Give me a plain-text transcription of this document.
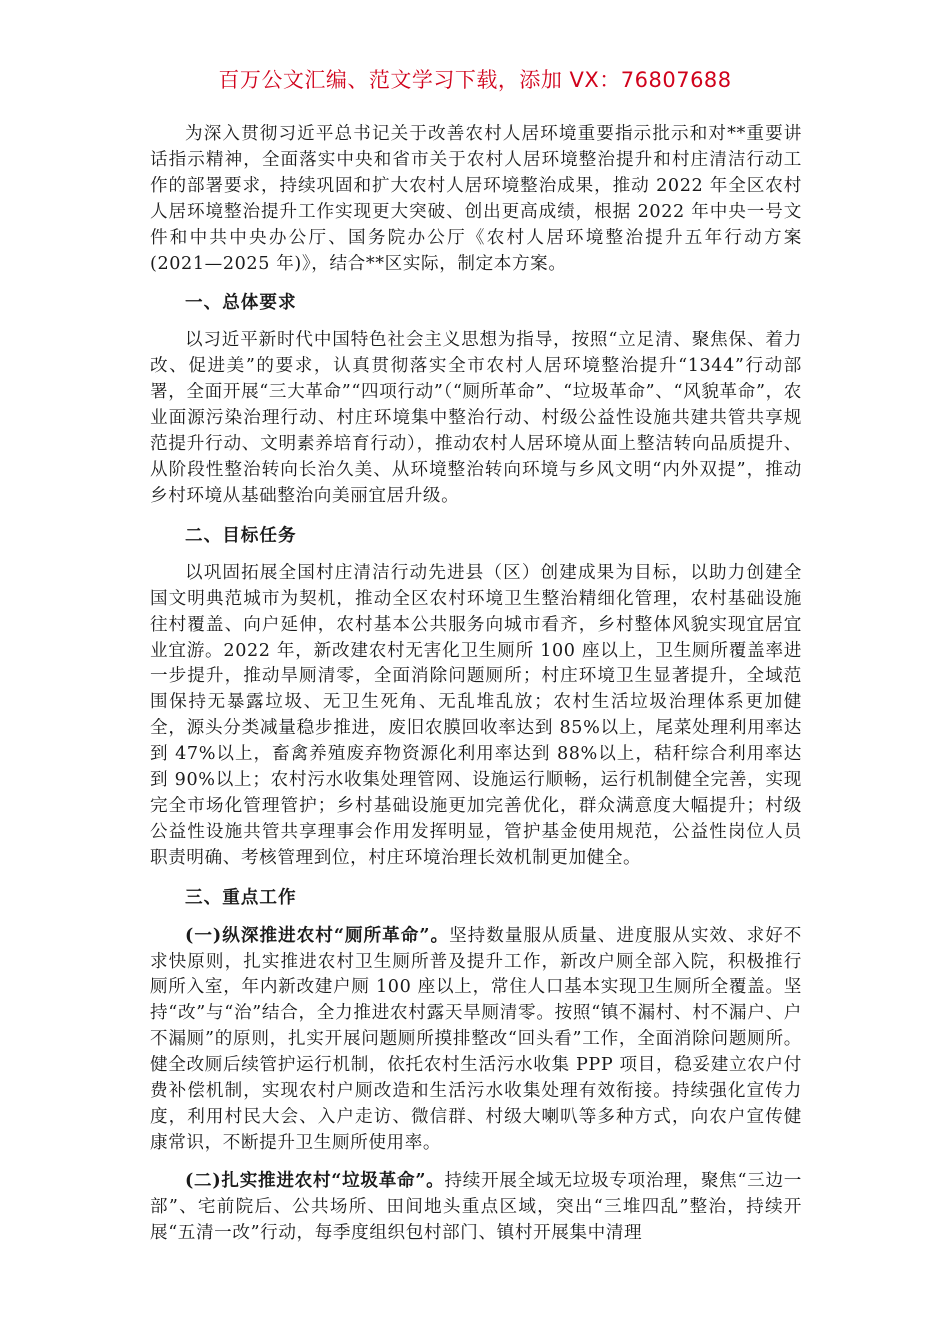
百万公文汇编、范文学习下载，添加 VX：76807688

为深入贯彻习近平总书记关于改善农村人居环境重要指示批示和对**重要讲话指示精神，全面落实中央和省市关于农村人居环境整治提升和村庄清洁行动工作的部署要求，持续巩固和扩大农村人居环境整治成果，推动 2022 年全区农村人居环境整治提升工作实现更大突破、创出更高成绩，根据 2022 年中央一号文件和中共中央办公厅、国务院办公厅《农村人居环境整治提升五年行动方案(2021—2025 年)》，结合**区实际，制定本方案。

一、总体要求

以习近平新时代中国特色社会主义思想为指导，按照“立足清、聚焦保、着力改、促进美”的要求，认真贯彻落实全市农村人居环境整治提升“1344”行动部署，全面开展“三大革命”“四项行动”（“厕所革命”、“垃圾革命”、“风貌革命”，农业面源污染治理行动、村庄环境集中整治行动、村级公益性设施共建共管共享规范提升行动、文明素养培育行动），推动农村人居环境从面上整洁转向品质提升、从阶段性整治转向长治久美、从环境整治转向环境与乡风文明“内外双提”，推动乡村环境从基础整治向美丽宜居升级。

二、目标任务

以巩固拓展全国村庄清洁行动先进县（区）创建成果为目标，以助力创建全国文明典范城市为契机，推动全区农村环境卫生整治精细化管理，农村基础设施往村覆盖、向户延伸，农村基本公共服务向城市看齐，乡村整体风貌实现宜居宜业宜游。2022 年，新改建农村无害化卫生厕所 100 座以上，卫生厕所覆盖率进一步提升，推动旱厕清零，全面消除问题厕所；村庄环境卫生显著提升，全域范围保持无暴露垃圾、无卫生死角、无乱堆乱放；农村生活垃圾治理体系更加健全，源头分类减量稳步推进，废旧农膜回收率达到 85%以上，尾菜处理利用率达到 47%以上，畜禽养殖废弃物资源化利用率达到 88%以上，秸秆综合利用率达到 90%以上；农村污水收集处理管网、设施运行顺畅，运行机制健全完善，实现完全市场化管理管护；乡村基础设施更加完善优化，群众满意度大幅提升；村级公益性设施共管共享理事会作用发挥明显，管护基金使用规范，公益性岗位人员职责明确、考核管理到位，村庄环境治理长效机制更加健全。

三、重点工作

(一)纵深推进农村“厕所革命”。坚持数量服从质量、进度服从实效、求好不求快原则，扎实推进农村卫生厕所普及提升工作，新改户厕全部入院，积极推行厕所入室，年内新改建户厕 100 座以上，常住人口基本实现卫生厕所全覆盖。坚持“改”与“治”结合，全力推进农村露天旱厕清零。按照“镇不漏村、村不漏户、户不漏厕”的原则，扎实开展问题厕所摸排整改“回头看”工作，全面消除问题厕所。健全改厕后续管护运行机制，依托农村生活污水收集 PPP 项目，稳妥建立农户付费补偿机制，实现农村户厕改造和生活污水收集处理有效衔接。持续强化宣传力度，利用村民大会、入户走访、微信群、村级大喇叭等多种方式，向农户宣传健康常识，不断提升卫生厕所使用率。

(二)扎实推进农村“垃圾革命”。持续开展全域无垃圾专项治理，聚焦“三边一部”、宅前院后、公共场所、田间地头重点区域，突出“三堆四乱”整治，持续开展“五清一改”行动，每季度组织包村部门、镇村开展集中清理
